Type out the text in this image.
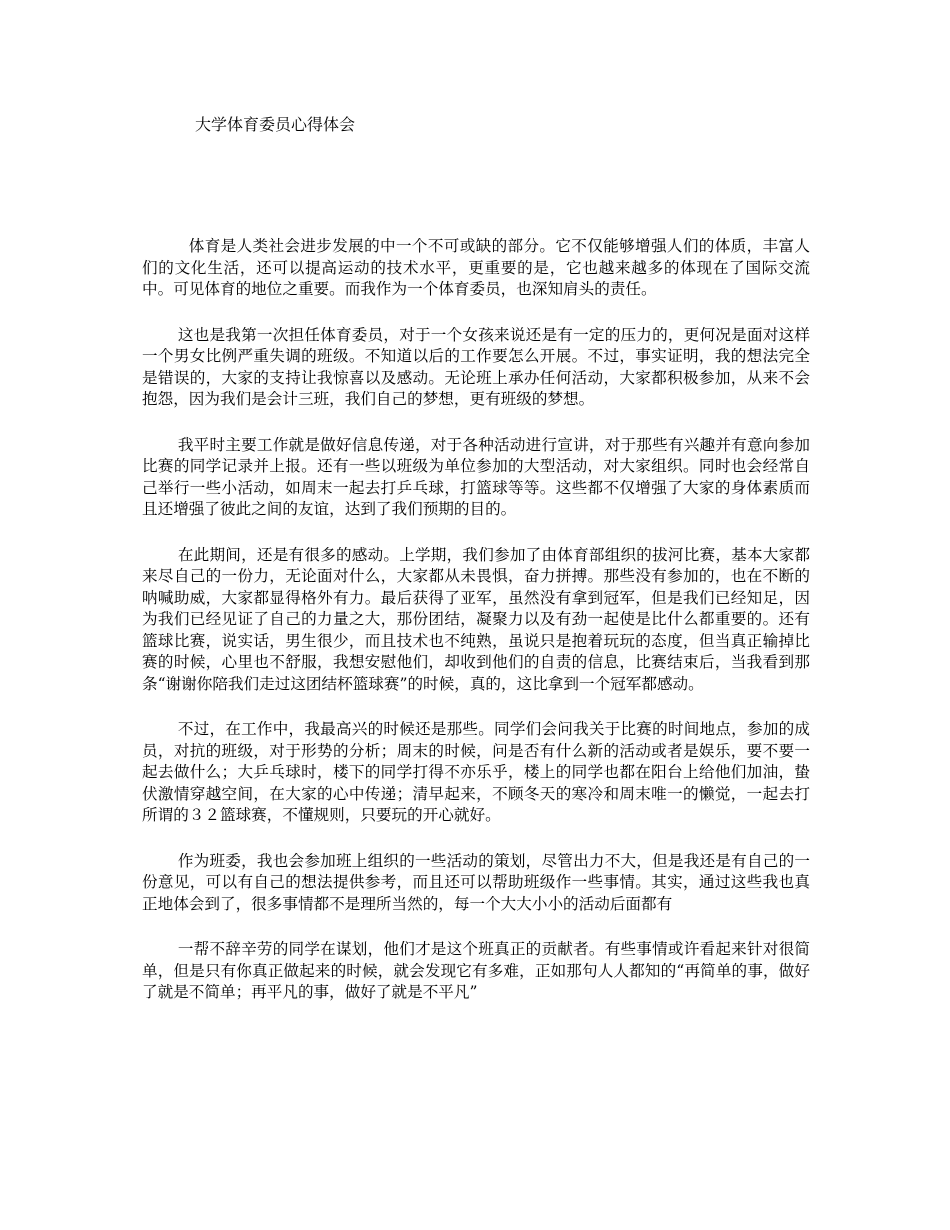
大学体育委员心得体会

体育是人类社会进步发展的中一个不可或缺的部分。它不仅能够增强人们的体质，丰富人们的文化生活，还可以提高运动的技术水平，更重要的是，它也越来越多的体现在了国际交流中。可见体育的地位之重要。而我作为一个体育委员，也深知肩头的责任。

这也是我第一次担任体育委员，对于一个女孩来说还是有一定的压力的，更何况是面对这样一个男女比例严重失调的班级。不知道以后的工作要怎么开展。不过，事实证明，我的想法完全是错误的，大家的支持让我惊喜以及感动。无论班上承办任何活动，大家都积极参加，从来不会抱怨，因为我们是会计三班，我们自己的梦想，更有班级的梦想。

我平时主要工作就是做好信息传递，对于各种活动进行宣讲，对于那些有兴趣并有意向参加比赛的同学记录并上报。还有一些以班级为单位参加的大型活动，对大家组织。同时也会经常自己举行一些小活动，如周末一起去打乒乓球，打篮球等等。这些都不仅增强了大家的身体素质而且还增强了彼此之间的友谊，达到了我们预期的目的。

在此期间，还是有很多的感动。上学期，我们参加了由体育部组织的拔河比赛，基本大家都来尽自己的一份力，无论面对什么，大家都从未畏惧，奋力拼搏。那些没有参加的，也在不断的呐喊助威，大家都显得格外有力。最后获得了亚军，虽然没有拿到冠军，但是我们已经知足，因为我们已经见证了自己的力量之大，那份团结，凝聚力以及有劲一起使是比什么都重要的。还有篮球比赛，说实话，男生很少，而且技术也不纯熟，虽说只是抱着玩玩的态度，但当真正输掉比赛的时候，心里也不舒服，我想安慰他们，却收到他们的自责的信息，比赛结束后，当我看到那条“谢谢你陪我们走过这团结杯篮球赛”的时候，真的，这比拿到一个冠军都感动。

不过，在工作中，我最高兴的时候还是那些。同学们会问我关于比赛的时间地点，参加的成员，对抗的班级，对于形势的分析；周末的时候，问是否有什么新的活动或者是娱乐，要不要一起去做什么；大乒乓球时，楼下的同学打得不亦乐乎，楼上的同学也都在阳台上给他们加油，蛰伏激情穿越空间，在大家的心中传递；清早起来，不顾冬天的寒冷和周末唯一的懒觉，一起去打所谓的３２篮球赛，不懂规则，只要玩的开心就好。

作为班委，我也会参加班上组织的一些活动的策划，尽管出力不大，但是我还是有自己的一份意见，可以有自己的想法提供参考，而且还可以帮助班级作一些事情。其实，通过这些我也真正地体会到了，很多事情都不是理所当然的，每一个大大小小的活动后面都有

一帮不辞辛劳的同学在谋划，他们才是这个班真正的贡献者。有些事情或许看起来针对很简单，但是只有你真正做起来的时候，就会发现它有多难，正如那句人人都知的“再简单的事，做好了就是不简单；再平凡的事，做好了就是不平凡”
